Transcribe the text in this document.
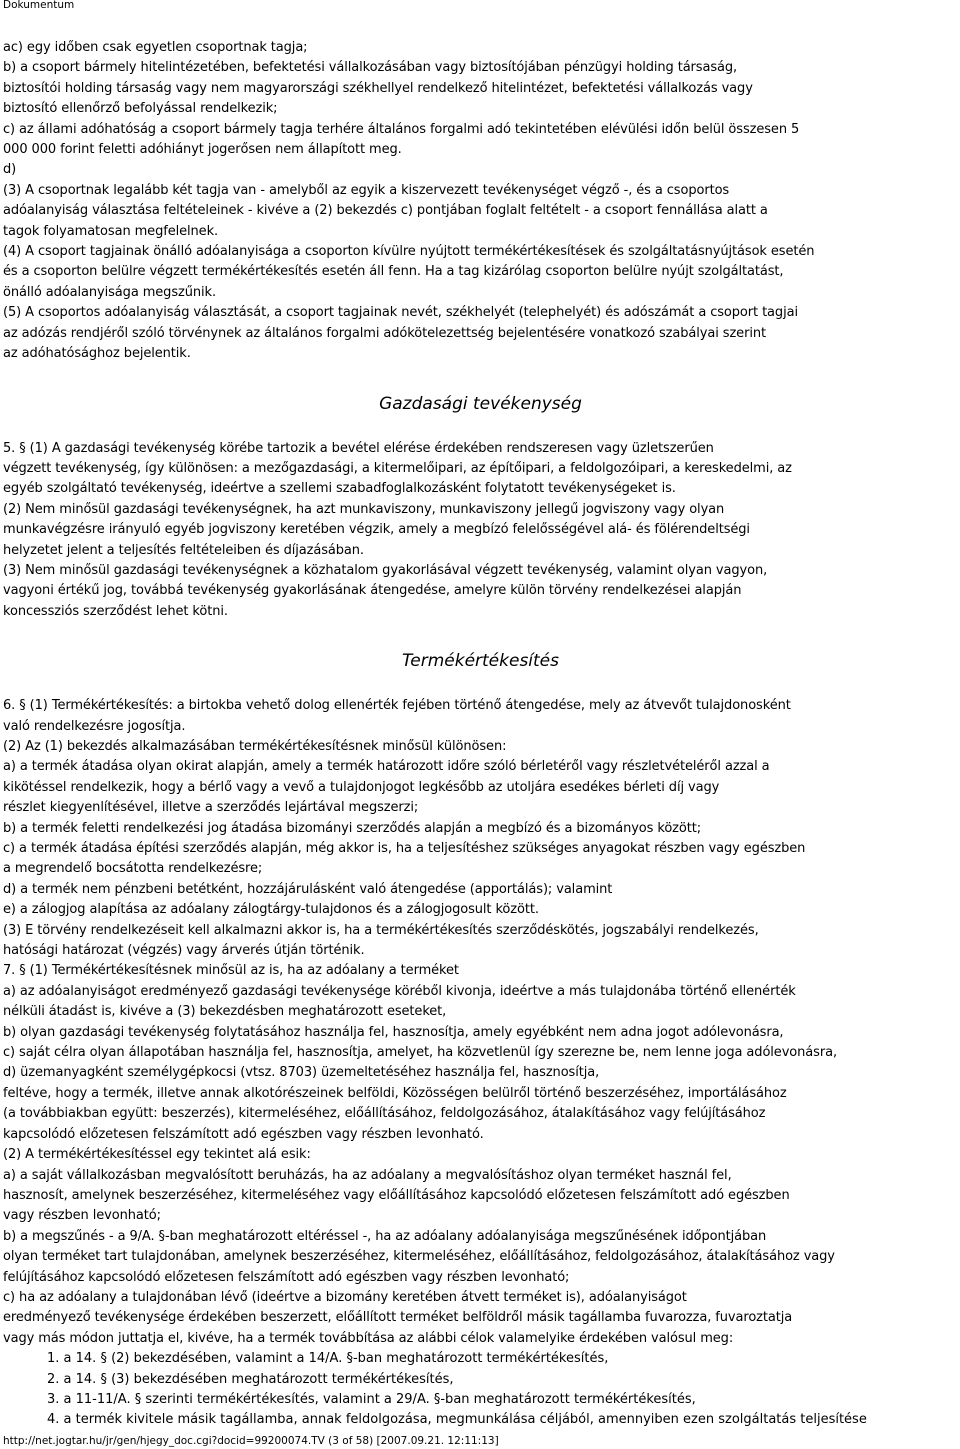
Dokumentum

ac) egy időben csak egyetlen csoportnak tagja;

b) a csoport bármely hitelintézetében, befektetési vállalkozásában vagy biztosítójában pénzügyi holding társaság,

biztosítói holding társaság vagy nem magyarországi székhellyel rendelkező hitelintézet, befektetési vállalkozás vagy

biztosító ellenőrző befolyással rendelkezik;

c) az állami adóhatóság a csoport bármely tagja terhére általános forgalmi adó tekintetében elévülési időn belül összesen 5

000 000 forint feletti adóhiányt jogerősen nem állapított meg.

d)

(3) A csoportnak legalább két tagja van - amelyből az egyik a kiszervezett tevékenységet végző -, és a csoportos

adóalanyiság választása feltételeinek - kivéve a (2) bekezdés c) pontjában foglalt feltételt - a csoport fennállása alatt a

tagok folyamatosan megfelelnek.

(4) A csoport tagjainak önálló adóalanyisága a csoporton kívülre nyújtott termékértékesítések és szolgáltatásnyújtások esetén

és a csoporton belülre végzett termékértékesítés esetén áll fenn. Ha a tag kizárólag csoporton belülre nyújt szolgáltatást,

önálló adóalanyisága megszűnik.

(5) A csoportos adóalanyiság választását, a csoport tagjainak nevét, székhelyét (telephelyét) és adószámát a csoport tagjai

az adózás rendjéről szóló törvénynek az általános forgalmi adókötelezettség bejelentésére vonatkozó szabályai szerint

az adóhatósághoz bejelentik.

Gazdasági tevékenység

5. § (1) A gazdasági tevékenység körébe tartozik a bevétel elérése érdekében rendszeresen vagy üzletszerűen

végzett tevékenység, így különösen: a mezőgazdasági, a kitermelőipari, az építőipari, a feldolgozóipari, a kereskedelmi, az

egyéb szolgáltató tevékenység, ideértve a szellemi szabadfoglalkozásként folytatott tevékenységeket is.

(2) Nem minősül gazdasági tevékenységnek, ha azt munkaviszony, munkaviszony jellegű jogviszony vagy olyan

munkavégzésre irányuló egyéb jogviszony keretében végzik, amely a megbízó felelősségével alá- és fölérendeltségi

helyzetet jelent a teljesítés feltételeiben és díjazásában.

(3) Nem minősül gazdasági tevékenységnek a közhatalom gyakorlásával végzett tevékenység, valamint olyan vagyon,

vagyoni értékű jog, továbbá tevékenység gyakorlásának átengedése, amelyre külön törvény rendelkezései alapján

koncessziós szerződést lehet kötni.

Termékértékesítés

6. § (1) Termékértékesítés: a birtokba vehető dolog ellenérték fejében történő átengedése, mely az átvevőt tulajdonosként

való rendelkezésre jogosítja.

(2) Az (1) bekezdés alkalmazásában termékértékesítésnek minősül különösen:

a) a termék átadása olyan okirat alapján, amely a termék határozott időre szóló bérletéről vagy részletvételéről azzal a

kikötéssel rendelkezik, hogy a bérlő vagy a vevő a tulajdonjogot legkésőbb az utoljára esedékes bérleti díj vagy

részlet kiegyenlítésével, illetve a szerződés lejártával megszerzi;

b) a termék feletti rendelkezési jog átadása bizományi szerződés alapján a megbízó és a bizományos között;

c) a termék átadása építési szerződés alapján, még akkor is, ha a teljesítéshez szükséges anyagokat részben vagy egészben

a megrendelő bocsátotta rendelkezésre;

d) a termék nem pénzbeni betétként, hozzájárulásként való átengedése (apportálás); valamint

e) a zálogjog alapítása az adóalany zálogtárgy-tulajdonos és a zálogjogosult között.

(3) E törvény rendelkezéseit kell alkalmazni akkor is, ha a termékértékesítés szerződéskötés, jogszabályi rendelkezés,

hatósági határozat (végzés) vagy árverés útján történik.

7. § (1) Termékértékesítésnek minősül az is, ha az adóalany a terméket

a) az adóalanyiságot eredményező gazdasági tevékenysége köréből kivonja, ideértve a más tulajdonába történő ellenérték

nélküli átadást is, kivéve a (3) bekezdésben meghatározott eseteket,

b) olyan gazdasági tevékenység folytatásához használja fel, hasznosítja, amely egyébként nem adna jogot adólevonásra,

c) saját célra olyan állapotában használja fel, hasznosítja, amelyet, ha közvetlenül így szerezne be, nem lenne joga adólevonásra,

d) üzemanyagként személygépkocsi (vtsz. 8703) üzemeltetéséhez használja fel, hasznosítja,

feltéve, hogy a termék, illetve annak alkotórészeinek belföldi, Közösségen belülről történő beszerzéséhez, importálásához

(a továbbiakban együtt: beszerzés), kitermeléséhez, előállításához, feldolgozásához, átalakításához vagy felújításához

kapcsolódó előzetesen felszámított adó egészben vagy részben levonható.

(2) A termékértékesítéssel egy tekintet alá esik:

a) a saját vállalkozásban megvalósított beruházás, ha az adóalany a megvalósításhoz olyan terméket használ fel,

hasznosít, amelynek beszerzéséhez, kitermeléséhez vagy előállításához kapcsolódó előzetesen felszámított adó egészben

vagy részben levonható;

b) a megszűnés - a 9/A. §-ban meghatározott eltéréssel -, ha az adóalany adóalanyisága megszűnésének időpontjában

olyan terméket tart tulajdonában, amelynek beszerzéséhez, kitermeléséhez, előállításához, feldolgozásához, átalakításához vagy

felújításához kapcsolódó előzetesen felszámított adó egészben vagy részben levonható;

c) ha az adóalany a tulajdonában lévő (ideértve a bizomány keretében átvett terméket is), adóalanyiságot

eredményező tevékenysége érdekében beszerzett, előállított terméket belföldről másik tagállamba fuvarozza, fuvaroztatja

vagy más módon juttatja el, kivéve, ha a termék továbbítása az alábbi célok valamelyike érdekében valósul meg:

1. a 14. § (2) bekezdésében, valamint a 14/A. §-ban meghatározott termékértékesítés,
2. a 14. § (3) bekezdésében meghatározott termékértékesítés,
3. a 11-11/A. § szerinti termékértékesítés, valamint a 29/A. §-ban meghatározott termékértékesítés,
4. a termék kivitele másik tagállamba, annak feldolgozása, megmunkálása céljából, amennyiben ezen szolgáltatás teljesítése
http://net.jogtar.hu/jr/gen/hjegy_doc.cgi?docid=99200074.TV (3 of 58) [2007.09.21. 12:11:13]
